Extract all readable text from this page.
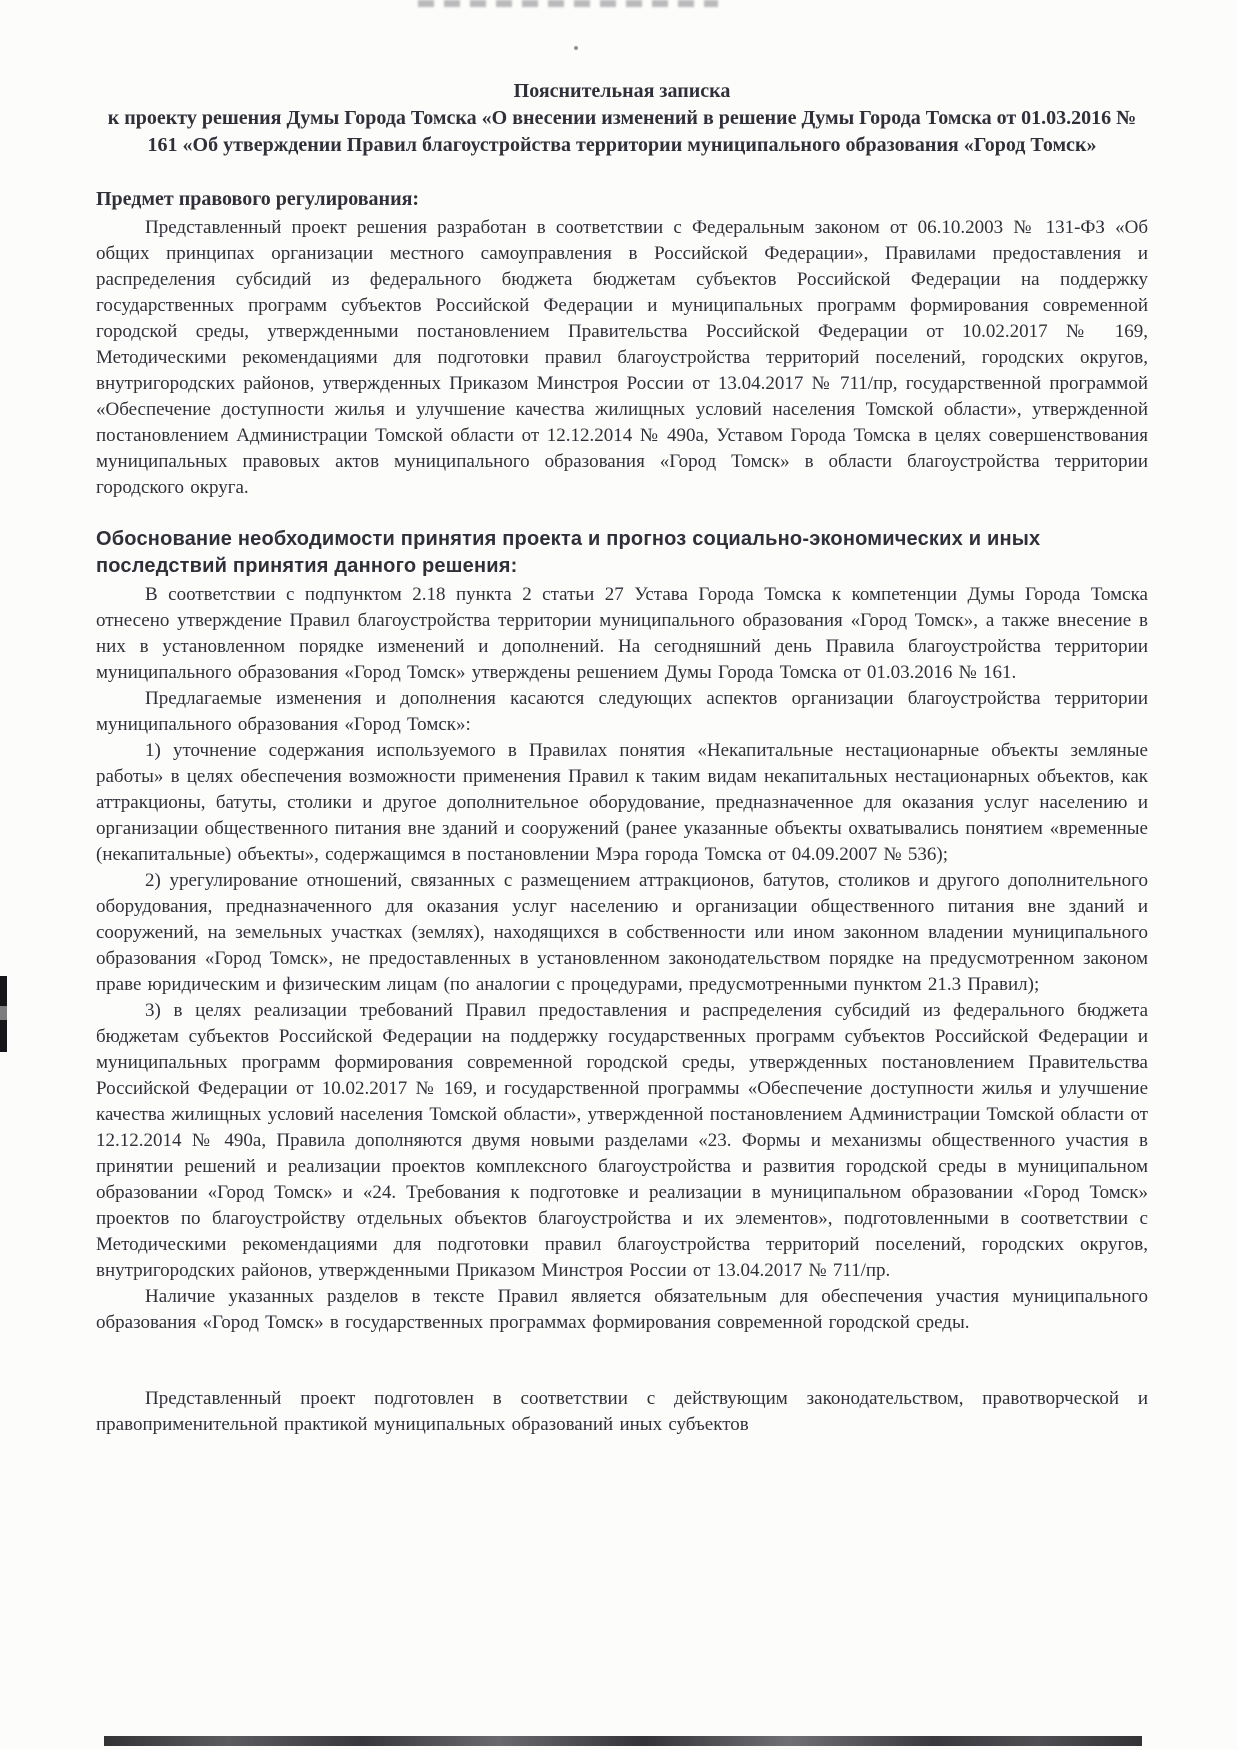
Пояснительная записка
к проекту решения Думы Города Томска «О внесении изменений в решение Думы Города Томска от 01.03.2016 № 161 «Об утверждении Правил благоустройства территории муниципального образования «Город Томск»
Предмет правового регулирования:

Представленный проект решения разработан в соответствии с Федеральным законом от 06.10.2003 № 131-ФЗ «Об общих принципах организации местного самоуправления в Российской Федерации», Правилами предоставления и распределения субсидий из федерального бюджета бюджетам субъектов Российской Федерации на поддержку государственных программ субъектов Российской Федерации и муниципальных программ формирования современной городской среды, утвержденными постановлением Правительства Российской Федерации от 10.02.2017 № 169, Методическими рекомендациями для подготовки правил благоустройства территорий поселений, городских округов, внутригородских районов, утвержденных Приказом Минстроя России от 13.04.2017 № 711/пр, государственной программой «Обеспечение доступности жилья и улучшение качества жилищных условий населения Томской области», утвержденной постановлением Администрации Томской области от 12.12.2014 № 490а, Уставом Города Томска в целях совершенствования муниципальных правовых актов муниципального образования «Город Томск» в области благоустройства территории городского округа.

Обоснование необходимости принятия проекта и прогноз социально-экономических и иных последствий принятия данного решения:

В соответствии с подпунктом 2.18 пункта 2 статьи 27 Устава Города Томска к компетенции Думы Города Томска отнесено утверждение Правил благоустройства территории муниципального образования «Город Томск», а также внесение в них в установленном порядке изменений и дополнений. На сегодняшний день Правила благоустройства территории муниципального образования «Город Томск» утверждены решением Думы Города Томска от 01.03.2016 № 161.

Предлагаемые изменения и дополнения касаются следующих аспектов организации благоустройства территории муниципального образования «Город Томск»:

1) уточнение содержания используемого в Правилах понятия «Некапитальные нестационарные объекты земляные работы» в целях обеспечения возможности применения Правил к таким видам некапитальных нестационарных объектов, как аттракционы, батуты, столики и другое дополнительное оборудование, предназначенное для оказания услуг населению и организации общественного питания вне зданий и сооружений (ранее указанные объекты охватывались понятием «временные (некапитальные) объекты», содержащимся в постановлении Мэра города Томска от 04.09.2007 № 536);

2) урегулирование отношений, связанных с размещением аттракционов, батутов, столиков и другого дополнительного оборудования, предназначенного для оказания услуг населению и организации общественного питания вне зданий и сооружений, на земельных участках (землях), находящихся в собственности или ином законном владении муниципального образования «Город Томск», не предоставленных в установленном законодательством порядке на предусмотренном законом праве юридическим и физическим лицам (по аналогии с процедурами, предусмотренными пунктом 21.3 Правил);

3) в целях реализации требований Правил предоставления и распределения субсидий из федерального бюджета бюджетам субъектов Российской Федерации на поддержку государственных программ субъектов Российской Федерации и муниципальных программ формирования современной городской среды, утвержденных постановлением Правительства Российской Федерации от 10.02.2017 № 169, и государственной программы «Обеспечение доступности жилья и улучшение качества жилищных условий населения Томской области», утвержденной постановлением Администрации Томской области от 12.12.2014 № 490а, Правила дополняются двумя новыми разделами «23. Формы и механизмы общественного участия в принятии решений и реализации проектов комплексного благоустройства и развития городской среды в муниципальном образовании «Город Томск» и «24. Требования к подготовке и реализации в муниципальном образовании «Город Томск» проектов по благоустройству отдельных объектов благоустройства и их элементов», подготовленными в соответствии с Методическими рекомендациями для подготовки правил благоустройства территорий поселений, городских округов, внутригородских районов, утвержденными Приказом Минстроя России от 13.04.2017 № 711/пр.

Наличие указанных разделов в тексте Правил является обязательным для обеспечения участия муниципального образования «Город Томск» в государственных программах формирования современной городской среды.

Представленный проект подготовлен в соответствии с действующим законодательством, правотворческой и правоприменительной практикой муниципальных образований иных субъектов
